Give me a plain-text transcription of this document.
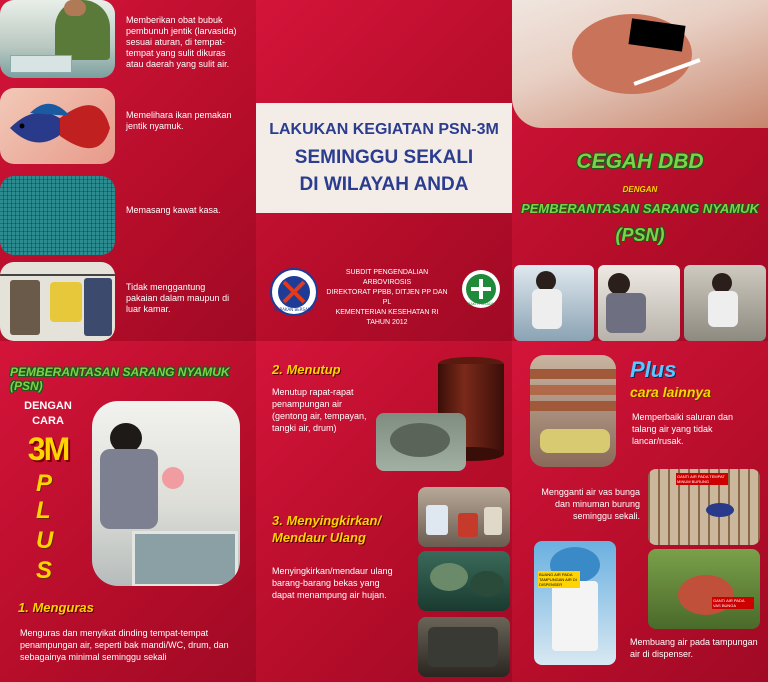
Memberikan obat bubuk pembunuh jentik (larvasida) sesuai aturan, di tempat-tempat yang sulit dikuras atau daerah yang sulit air.
Memelihara ikan pemakan jentik nyamuk.
Memasang kawat kasa.
Tidak menggantung pakaian dalam maupun di luar kamar.
LAKUKAN KEGIATAN PSN-3M
SEMINGGU SEKALI
DI WILAYAH ANDA
GERAKAN BERSAMA
SUBDIT PENGENDALIAN ARBOVIROSIS
DIREKTORAT PPBB, DITJEN PP DAN PL
KEMENTERIAN KESEHATAN RI
TAHUN 2012
BAKTI HUSADA
CEGAH DBD
DENGAN
PEMBERANTASAN SARANG NYAMUK
(PSN)
PEMBERANTASAN SARANG NYAMUK (PSN)
DENGAN
CARA
3M
P
L
U
S
1. Menguras
Menguras dan menyikat dinding tempat-tempat penampungan air, seperti bak mandi/WC, drum, dan sebagainya minimal seminggu sekali
2. Menutup
Menutup rapat-rapat penampungan air (gentong air, tempayan, tangki air, drum)
3. Menyingkirkan/
Mendaur Ulang
Menyingkirkan/mendaur ulang barang-barang bekas yang dapat menampung air hujan.
Plus
cara lainnya
Memperbaiki saluran dan talang air yang tidak lancar/rusak.
Mengganti air vas bunga dan minuman burung seminggu sekali.
GANTI AIR PADA TEMPAT MINUM BURUNG
GANTI AIR PADA VAS BUNGA
BUANG AIR PADA TAMPUNGAN AIR DI DISPENSER
Membuang air pada tampungan air di dispenser.
